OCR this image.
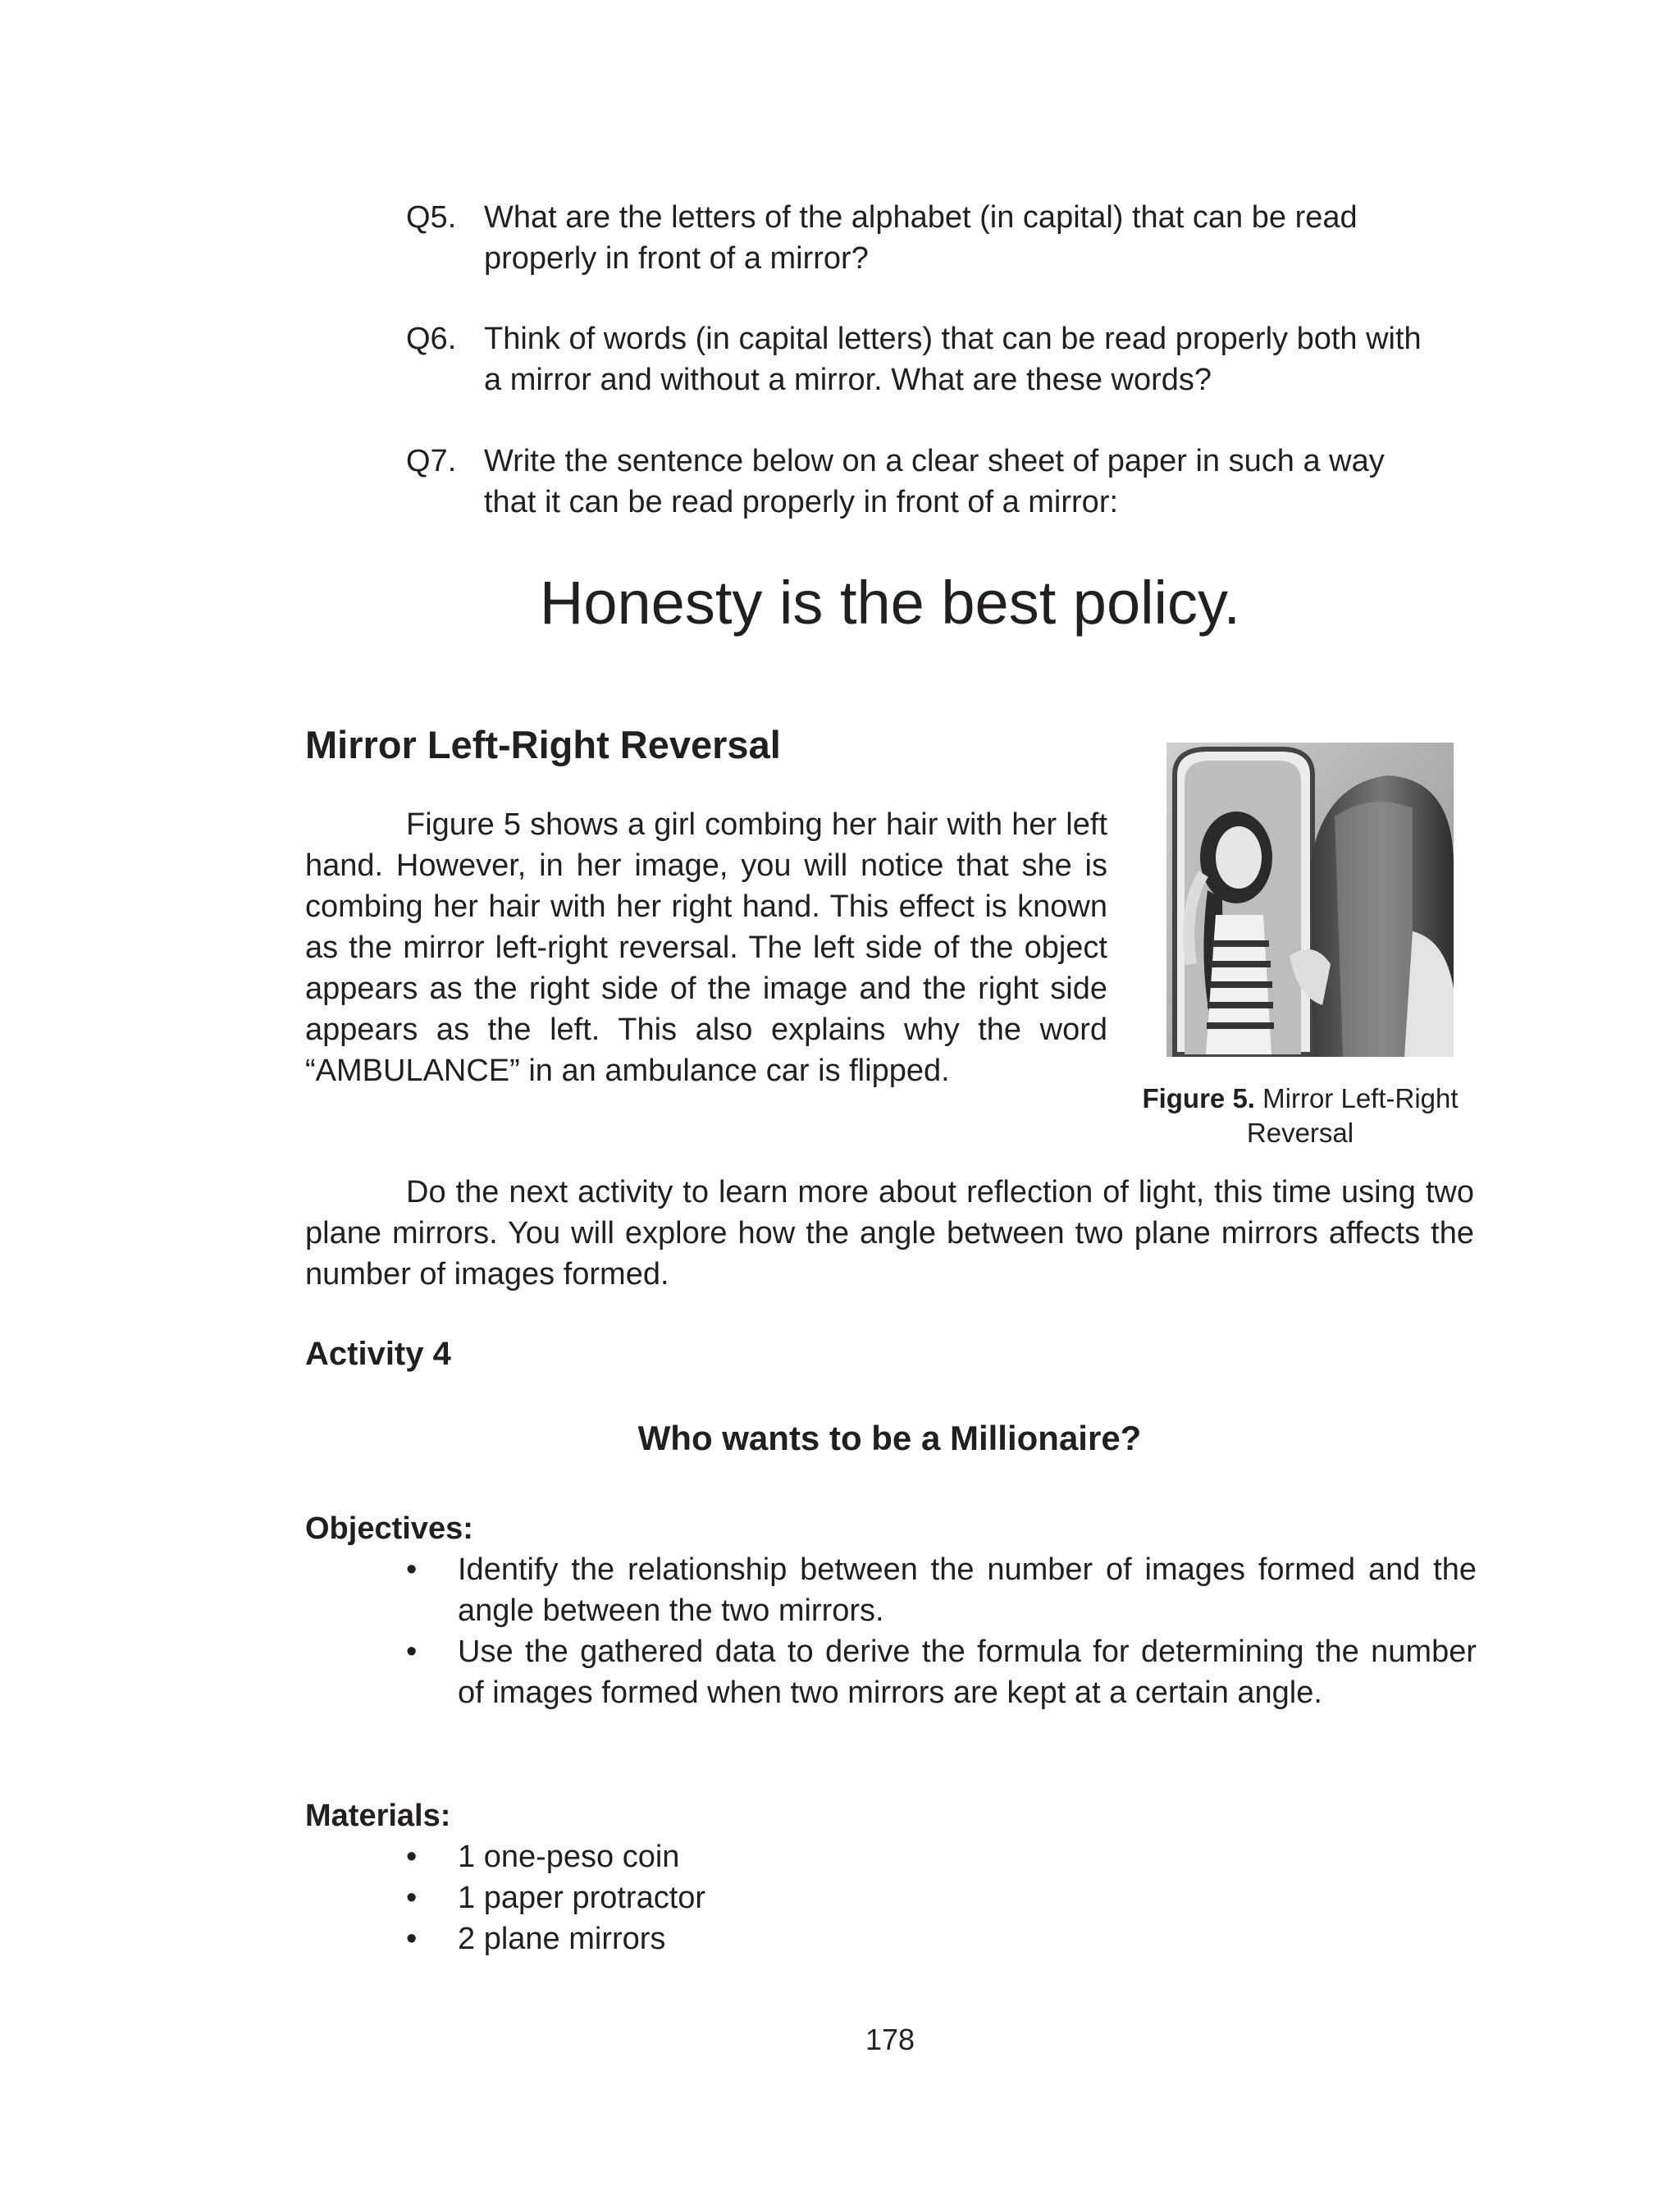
Q5. What are the letters of the alphabet (in capital) that can be read
properly in front of a mirror?
Q6. Think of words (in capital letters) that can be read properly both with
a mirror and without a mirror. What are these words?
Q7. Write the sentence below on a clear sheet of paper in such a way
that it can be read properly in front of a mirror:
Honesty is the best policy.
Mirror Left-Right Reversal
Figure 5 shows a girl combing her hair with her left hand. However, in her image, you will notice that she is combing her hair with her right hand. This effect is known as the mirror left-right reversal. The left side of the object appears as the right side of the image and the right side appears as the left. This also explains why the word “AMBULANCE” in an ambulance car is flipped.
Figure 5. Mirror Left-Right Reversal
Do the next activity to learn more about reflection of light, this time using two plane mirrors. You will explore how the angle between two plane mirrors affects the number of images formed.
Activity 4
Who wants to be a Millionaire?
Objectives:
• Identify the relationship between the number of images formed and the angle between the two mirrors.
• Use the gathered data to derive the formula for determining the number of images formed when two mirrors are kept at a certain angle.
Materials:
• 1 one-peso coin
• 1 paper protractor
• 2 plane mirrors
178
